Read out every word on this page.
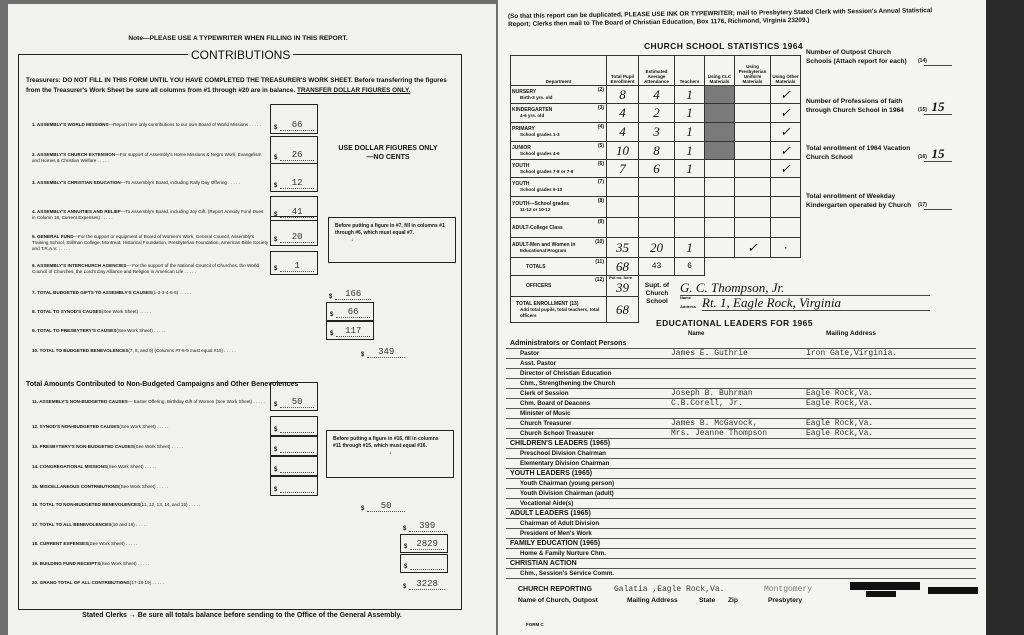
Note—PLEASE USE A TYPEWRITER WHEN FILLING IN THIS REPORT.
CONTRIBUTIONS
Treasurers: DO NOT FILL IN THIS FORM UNTIL YOU HAVE COMPLETED THE TREASURER'S WORK SHEET. Before transferring the figures from the Treasurer's Work Sheet be sure all columns from #1 through #20 are in balance. TRANSFER DOLLAR FIGURES ONLY.
USE DOLLAR FIGURES ONLY—NO CENTS
Before putting a figure in #7, fill in columns #1 through #6, which must equal #7.
↓
Before putting a figure in #16, fill in columns #11 through #15, which must equal #16.
↓
Total Amounts Contributed to Non-Budgeted Campaigns and Other Benevolences
1. ASSEMBLY'S WORLD MISSIONS—Report here only contributions to our own Board of World Missions . . . . .
$	66
2. ASSEMBLY'S CHURCH EXTENSION—For support of Assembly's Home Missions & Negro Work, Evangelism and Homes & Christian Welfare . . . . .	$	26
3. ASSEMBLY'S CHRISTIAN EDUCATION—To Assembly's Board, including Rally Day Offering . . . . .
$	12
4. ASSEMBLY'S ANNUITIES AND RELIEF—To Assembly's Board, including Joy Gift. (Report Annuity Fund Dues in Column 18, Current Expenses) . . . . .	$	41
5. GENERAL FUND—For the support or equipment of Board of Women's Work, General Council, Assembly's Training School, Stillman College, Montreat, Historical Foundation, Presbyterian Foundation, American Bible Society and T.R.A.V. . . . . .
$	20
6. ASSEMBLY'S INTERCHURCH AGENCIES— For the support of the National Council of Churches, the World Council of Churches, the Lord's Day Alliance and Religion in American Life . . . . .	$	1
7. TOTAL BUDGETED GIFTS TO ASSEMBLY'S CAUSES(1-2-3-4-5-6) . . . . .
$	166
8. TOTAL TO SYNOD'S CAUSES(See Work Sheet) . . . . .
$	66
9. TOTAL TO PRESBYTERY'S CAUSES(See Work Sheet) . . . . .
$	117
10. TOTAL TO BUDGETED BENEVOLENCES(7, 8, and 9) (Columns #7-8-9 must equal #10) . . . . .
$	349
11. ASSEMBLY'S NON-BUDGETED CAUSES— Easter Offering, Birthday Gift of Women (See Work Sheet) . . . . .
$	50
12. SYNOD'S NON-BUDGETED CAUSES(See Work Sheet) . . . . .
$
13. PRESBYTERY'S NON-BUDGETED CAUSES(See Work Sheet) . . . . .
$
14. CONGREGATIONAL MISSIONS(See Work Sheet) . . . . .
$
15. MISCELLANEOUS CONTRIBUTIONS(See Work Sheet) . . . . .
$
16. TOTAL TO NON-BUDGETED BENEVOLENCES(11, 12, 13, 14, and 15) . . . . .
$	50
17. TOTAL TO ALL BENEVOLENCES(10 and 16) . . . . .
$	399
18. CURRENT EXPENSES(See Work Sheet) . . . . .
$	2829
19. BUILDING FUND RECEIPTS(See Work Sheet) . . . . .
$
20. GRAND TOTAL OF ALL CONTRIBUTIONS(17-18-19) . . . . .
$	3228
Stated Clerks → Be sure all totals balance before sending to the Office of the General Assembly.
(So that this report can be duplicated, PLEASE USE INK OR TYPEWRITER; mail to Presbytery Stated Clerk with Session's Annual Statistical Report; Clerks then mail to The Board of Christian Education, Box 1176, Richmond, Virginia 23209.)
CHURCH SCHOOL STATISTICS 1964
Department	Total Pupil Enrollment	Estimated Average Attendance	Teachers	Using CLC Materials	Using Presbyterian Uniform Materials	Using Other Materials
NURSERY (2)
Birth-3 yrs. old	8	4	1			✓
KINDERGARTEN (3)
4-6 yrs. old	4	2	1			✓
PRIMARY (4)
School grades 1-3	4	3	1			✓
JUNIOR (5)
School grades 4-6	10	8	1			✓
YOUTH (6)
School grades 7-8 or 7-9	7	6	1			✓
YOUTH (7)
School grades 9-10						

YOUTH—School grades (8)
11-12 or 10-12						

ADULT-College Class
(9)						

ADULT-Men and Women in (10)
Educational Program	35	20	1		✓	·
TOTALS
(11)	68	43	6			
OFFICERS
(12)	Put no. here
39					
TOTAL ENROLLMENT (13)
Add total pupils, total teachers, total officers	68					
Supt. of Church School
G. C. Thompson, Jr.
Name Rt. 1, Eagle Rock, Virginia
Address
Number of Outpost Church Schools (Attach report for each)	(14)
Number of Professions of faith through Church School in 1964	(15) 15
Total enrollment of 1964 Vacation Church School	(16) 15
Total enrollment of Weekday Kindergarten operated by Church	(17)
EDUCATIONAL LEADERS FOR 1965
Name	Mailing Address
Administrators or Contact Persons
Pastor	James E. Guthrie	Iron Gate,Virginia.
Asst. Pastor
Director of Christian Education
Chm., Strengthening the Church
Clerk of Session	Joseph B. Buhrman	Eagle Rock,Va.
Chm. Board of Deacons	C.B.Corell, Jr.	Eagle Rock,Va.
Minister of Music
Church Treasurer	James B. McGavock,	Eagle Rock,Va.
Church School Treasurer	Mrs. Jeanne Thompson	Eagle Rock,Va.
CHILDREN'S LEADERS (1965)
Preschool Division Chairman
Elementary Division Chairman
YOUTH LEADERS (1965)
Youth Chairman (young person)
Youth Division Chairman (adult)
Vocational Aide(s)
ADULT LEADERS (1965)
Chairman of Adult Division
President of Men's Work
FAMILY EDUCATION (1965)
Home & Family Nurture Chm.
CHRISTIAN ACTION
Chm., Session's Service Comm.
CHURCH REPORTING	Galatia ,Eagle Rock,Va.	Montgomery
Name of Church, Outpost	Mailing Address	State Zip	Presbytery
FORM C
